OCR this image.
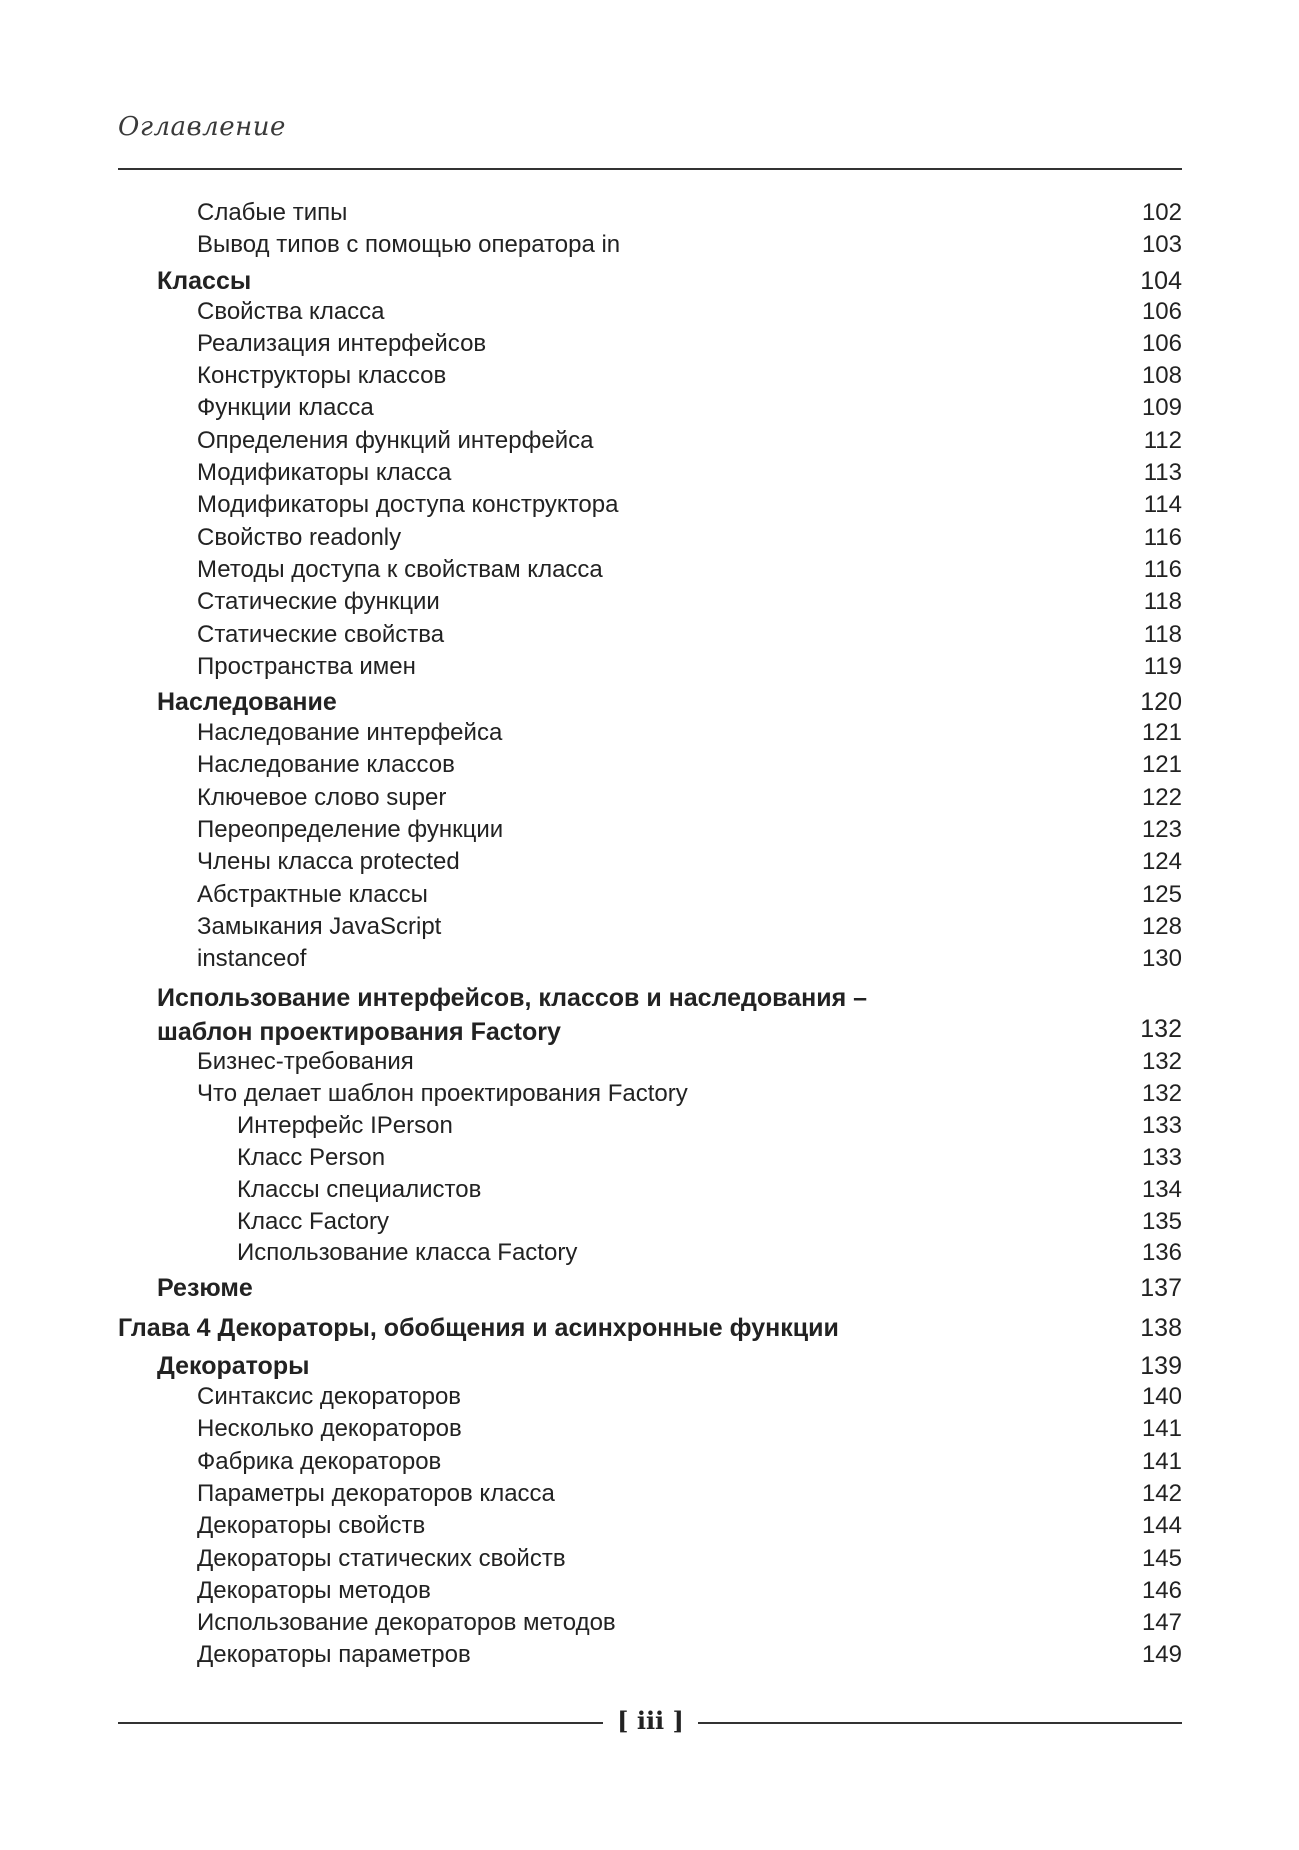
Оглавление
Слабые типы	102
Вывод типов с помощью оператора in	103
Классы	104
Свойства класса	106
Реализация интерфейсов	106
Конструкторы классов	108
Функции класса	109
Определения функций интерфейса	112
Модификаторы класса	113
Модификаторы доступа конструктора	114
Свойство readonly	116
Методы доступа к свойствам класса	116
Статические функции	118
Статические свойства	118
Пространства имен	119
Наследование	120
Наследование интерфейса	121
Наследование классов	121
Ключевое слово super	122
Переопределение функции	123
Члены класса protected	124
Абстрактные классы	125
Замыкания JavaScript	128
instanceof	130
Использование интерфейсов, классов и наследования –
шаблон проектирования Factory	132
Бизнес-требования	132
Что делает шаблон проектирования Factory	132
Интерфейс IPerson	133
Класс Person	133
Классы специалистов	134
Класс Factory	135
Использование класса Factory	136
Резюме	137
Глава 4 Декораторы, обобщения и асинхронные функции	138
Декораторы	139
Синтаксис декораторов	140
Несколько декораторов	141
Фабрика декораторов	141
Параметры декораторов класса	142
Декораторы свойств	144
Декораторы статических свойств	145
Декораторы методов	146
Использование декораторов методов	147
Декораторы параметров	149
[ iii ]
